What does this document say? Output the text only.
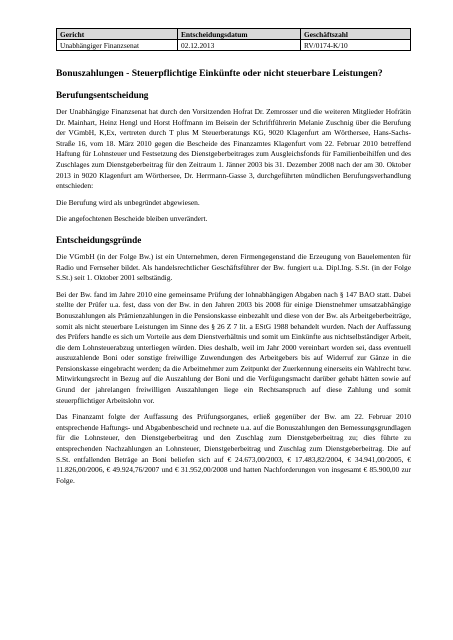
Gericht	Entscheidungsdatum	Geschäftszahl
Unabhängiger Finanzsenat	02.12.2013	RV/0174-K/10
Bonuszahlungen - Steuerpflichtige Einkünfte oder nicht steuerbare Leistungen?
Berufungsentscheidung

Der Unabhängige Finanzsenat hat durch den Vorsitzenden Hofrat Dr. Zemrosser und die weiteren Mitglieder Hofrätin Dr. Mainhart, Heinz Hengl und Horst Hoffmann im Beisein der Schriftführerin Melanie Zuschnig über die Berufung der VGmbH, K,Ex, vertreten durch T plus M Steuerberatungs KG, 9020 Klagenfurt am Wörthersee, Hans-Sachs-Straße 16, vom 18. März 2010 gegen die Bescheide des Finanzamtes Klagenfurt vom 22. Februar 2010 betreffend Haftung für Lohnsteuer und Festsetzung des Dienstgeberbeitrages zum Ausgleichsfonds für Familienbeihilfen und des Zuschlages zum Dienstgeberbeitrag für den Zeitraum 1. Jänner 2003 bis 31. Dezember 2008 nach der am 30. Oktober 2013 in 9020 Klagenfurt am Wörthersee, Dr. Herrmann-Gasse 3, durchgeführten mündlichen Berufungsverhandlung entschieden:

Die Berufung wird als unbegründet abgewiesen.

Die angefochtenen Bescheide bleiben unverändert.

Entscheidungsgründe

Die VGmbH (in der Folge Bw.) ist ein Unternehmen, deren Firmengegenstand die Erzeugung von Bauelementen für Radio und Fernseher bildet. Als handelsrechtlicher Geschäftsführer der Bw. fungiert u.a. Dipl.Ing. S.St. (in der Folge S.St.) seit 1. Oktober 2001 selbständig.

Bei der Bw. fand im Jahre 2010 eine gemeinsame Prüfung der lohnabhängigen Abgaben nach § 147 BAO statt. Dabei stellte der Prüfer u.a. fest, dass von der Bw. in den Jahren 2003 bis 2008 für einige Dienstnehmer umsatzabhängige Bonuszahlungen als Prämienzahlungen in die Pensionskasse einbezahlt und diese von der Bw. als Arbeitgeberbeiträge, somit als nicht steuerbare Leistungen im Sinne des § 26 Z 7 lit. a EStG 1988 behandelt wurden. Nach der Auffassung des Prüfers handle es sich um Vorteile aus dem Dienstverhältnis und somit um Einkünfte aus nichtselbständiger Arbeit, die dem Lohnsteuerabzug unterliegen würden. Dies deshalb, weil im Jahr 2000 vereinbart worden sei, dass eventuell auszuzahlende Boni oder sonstige freiwillige Zuwendungen des Arbeitgebers bis auf Widerruf zur Gänze in die Pensionskasse eingebracht werden; da die Arbeitnehmer zum Zeitpunkt der Zuerkennung einerseits ein Wahlrecht bzw. Mitwirkungsrecht in Bezug auf die Auszahlung der Boni und die Verfügungsmacht darüber gehabt hätten sowie auf Grund der jahrelangen freiwilligen Auszahlungen liege ein Rechtsanspruch auf diese Zahlung und somit steuerpflichtiger Arbeitslohn vor.

Das Finanzamt folgte der Auffassung des Prüfungsorganes, erließ gegenüber der Bw. am 22. Februar 2010 entsprechende Haftungs- und Abgabenbescheid und rechnete u.a. auf die Bonuszahlungen den Bemessungsgrundlagen für die Lohnsteuer, den Dienstgeberbeitrag und den Zuschlag zum Dienstgeberbeitrag zu; dies führte zu entsprechenden Nachzahlungen an Lohnsteuer, Dienstgeberbeitrag und Zuschlag zum Dienstgeberbeitrag. Die auf S.St. entfallenden Beträge an Boni beliefen sich auf € 24.673,00/2003, € 17.483,82/2004, € 34.941,00/2005, € 11.826,00/2006, € 49.924,76/2007 und € 31.952,00/2008 und hatten Nachforderungen von insgesamt € 85.900,00 zur Folge.
